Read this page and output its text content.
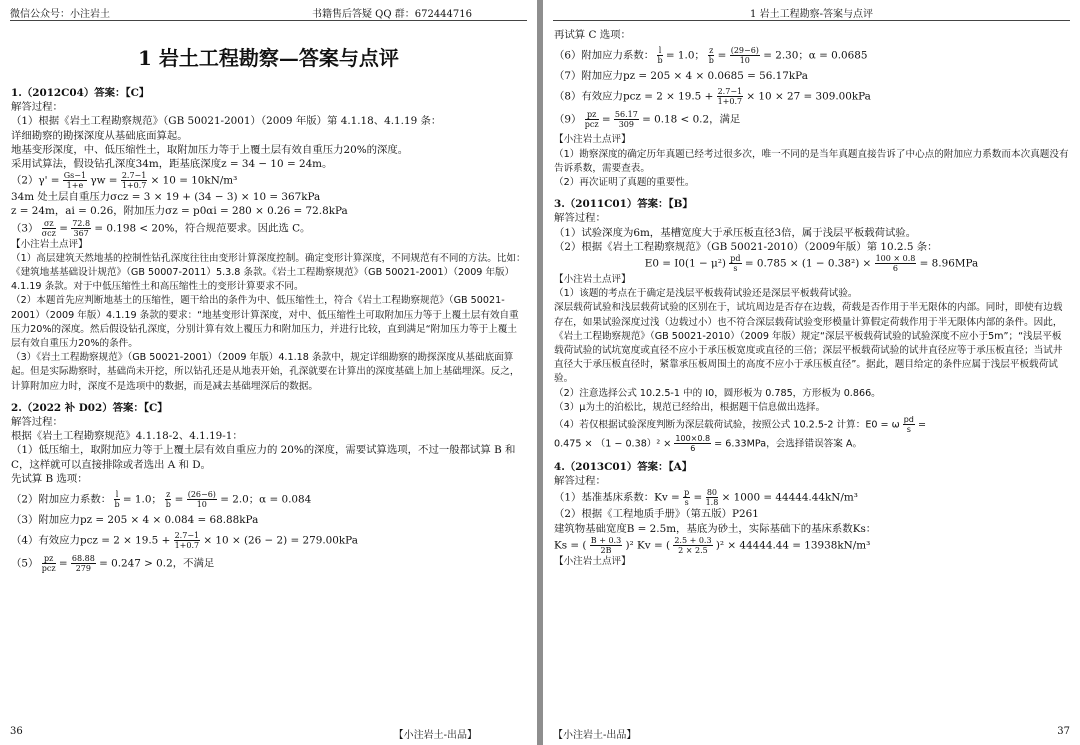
微信公众号：小注岩土	书籍售后答疑 QQ 群：672444716
1 岩土工程勘察—答案与点评
1.（2012C04）答案：【C】

解答过程：

（1）根据《岩土工程勘察规范》（GB 50021-2001）（2009 年版）第 4.1.18、4.1.19 条：

详细勘察的勘探深度从基础底面算起。

地基变形深度，中、低压缩性土，取附加压力等于上覆土层有效自重压力20%的深度。

采用试算法，假设钻孔深度34m，距基底深度z = 34 − 10 = 24m。

$(2)\gamma' = \frac{Gs-1}{1+e}$ $\gamma w = \frac{2.7-1}{1+0.7} \times 10 = 10kN/m^3$

34m 处土层自重压力σcz = 3 × 19 + (34 − 3) × 10 = 367kPa

z = 24m，ai = 0.26，附加压力σz = p0αi = 280 × 0.26 = 72.8kPa

$(3) \frac{\sigma z}{\text{σcz}} = \frac{72.8}{367} = 0.198 < 20\%$，符合规范要求。因此选 C。

【小注岩土点评】

（1）高层建筑天然地基的控制性钻孔深度往往由变形计算深度控制。确定变形计算深度，不同规范有不同的方法。比如：《建筑地基基础设计规范》（GB 50007-2011）5.3.8 条款。《岩土工程勘察规范》（GB 50021-2001）（2009 年版）4.1.19 条款。对于中低压缩性土和高压缩性土的变形计算要求不同。

（2）本题首先应判断地基土的压缩性，题干给出的条件为中、低压缩性土，符合《岩土工程勘察规范》（GB 50021-2001）（2009 年版）4.1.19 条款的要求：“地基变形计算深度，对中、低压缩性土可取附加压力等于上覆土层有效自重压力20%的深度。然后假设钻孔深度，分别计算有效上覆压力和附加压力，并进行比较，直到满足“附加压力等于上覆土层有效自重压力20%的条件。

（3）《岩土工程勘察规范》（GB 50021-2001）（2009 年版）4.1.18 条款中，规定详细勘察的勘探深度从基础底面算起。但是实际勘察时，基础尚未开挖，所以钻孔还是从地表开始，孔深就要在计算出的深度基础上加上基础埋深。反之，计算附加应力时，深度不是选项中的数据，而是减去基础埋深后的数据。

2.（2022 补 D02）答案：【C】

解答过程：

根据《岩土工程勘察规范》4.1.18-2、4.1.19-1：

（1）低压缩土，取附加应力等于上覆土层有效自重应力的 20%的深度，需要试算选项，不过一般都试算 B 和 C，这样就可以直接排除或者选出 A 和 D。

先试算 B 选项：

（2）附加应力系数： $\frac{l}{b} = 1.0$； $\frac{z}{b} = \frac{(26-6)}{10} = 2.0$；α = 0.084

（3）附加应力pz = 205 × 4 × 0.084 = 68.88kPa

（4）有效应力pcz = $2 \times 19.5 + \frac{2.7-1}{1+0.7} \times 10 \times (26 - 2) = 279.00kPa$

$(5) \frac{pz}{\text{pcz}} = \frac{68.88}{279} = 0.247 > 0.2$，不满足

36	【小注岩土-出品】
1 岩土工程勘察-答案与点评

再试算 C 选项：

（6）附加应力系数： $\frac{l}{b} = 1.0$； $\frac{z}{b} = \frac{(29-6)}{10} = 2.30$；α = 0.0685

（7）附加应力pz = 205 × 4 × 0.0685 = 56.17kPa

（8）有效应力pcz = $2 \times 19.5 + \frac{2.7-1}{1+0.7} \times 10 \times 27 = 309.00kPa$

$(9) \frac{pz}{\text{pcz}} = \frac{56.17}{309} = 0.18 < 0.2$，满足

【小注岩土点评】

（1）勘察深度的确定历年真题已经考过很多次，唯一不同的是当年真题直接告诉了中心点的附加应力系数而本次真题没有告诉系数，需要查表。

（2）再次证明了真题的重要性。

3.（2011C01）答案：【B】

解答过程：

（1）试验深度为6m，基槽宽度大于承压板直径3倍，属于浅层平板载荷试验。

（2）根据《岩土工程勘察规范》（GB 50021-2010）（2009年版）第 10.2.5 条：

$E0 = I0(1 - \mu^2) \frac{pd}{s} = 0.785 \times (1 - 0.38^2) \times \frac{100 \times 0.8}{6} = 8.96MPa$

【小注岩土点评】

（1）该题的考点在于确定是浅层平板载荷试验还是深层平板载荷试验。

深层载荷试验和浅层载荷试验的区别在于，试坑周边是否存在边载，荷载是否作用于半无限体的内部。同时，即使有边载存在，如果试验深度过浅（边载过小）也不符合深层载荷试验变形模量计算假定荷载作用于半无限体内部的条件。因此，《岩土工程勘察规范》（GB 50021-2010）（2009 年版）规定“深层平板载荷试验的试验深度不应小于5m”；“浅层平板载荷试验的试坑宽度或直径不应小于承压板宽度或直径的三倍；深层平板载荷试验的试井直径应等于承压板直径；当试井直径大于承压板直径时，紧靠承压板周围土的高度不应小于承压板直径”。据此，题目给定的条件应属于浅层平板载荷试验。

（2）注意选择公式 10.2.5-1 中的 I0，圆形板为 0.785，方形板为 0.866。

（3）μ为土的泊松比，规范已经给出，根据题干信息做出选择。

（4）若仅根据试验深度判断为深层载荷试验，按照公式 10.2.5-2 计算：E0 = ω $\frac{pd}{s}$ =

$0.475 \times (1 - 0.38)^2 \times \frac{100\times 0.8}{6} = 6.33MPa$，会选择错误答案 A。

4.（2013C01）答案：【A】

解答过程：

（1）基准基床系数：$Kv = \frac{p}{s} = \frac{80}{1.8} \times 1000 = 44444.44kN/m^3$

（2）根据《工程地质手册》（第五版）P261

建筑物基础宽度B = 2.5m，基底为砂土，实际基础下的基床系数Ks：

Ks = ( $\frac{B + 0.3}{2B} )^2$ Kv = ( $\frac{2.5 + 0.3}{2 \times 2.5} )^2 \times 44444.44 = 13938kN/m^3$

【小注岩土点评】

【小注岩土-出品】	37
